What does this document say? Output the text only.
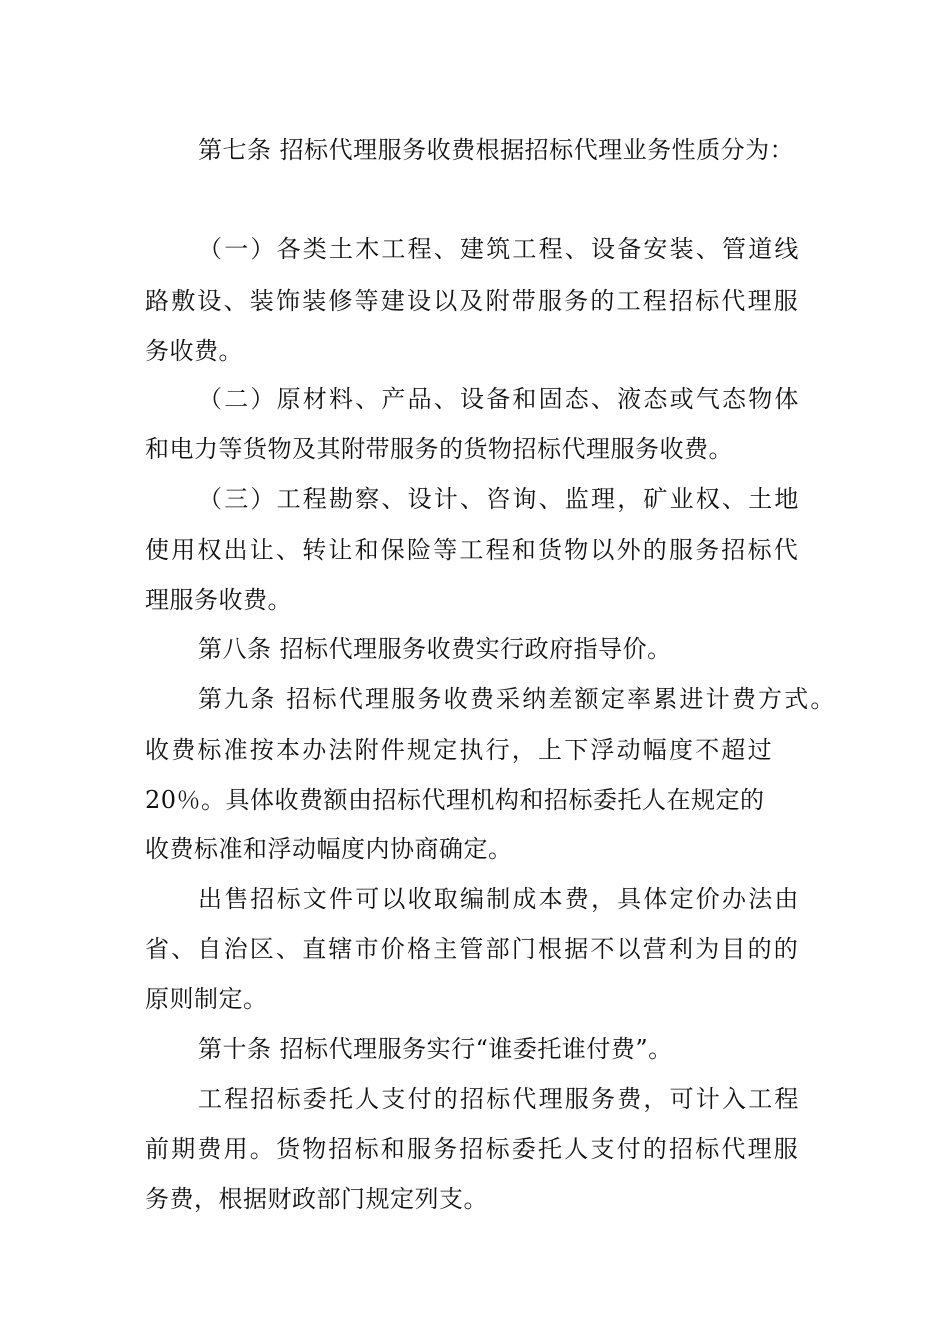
第七条 招标代理服务收费根据招标代理业务性质分为：
（一）各类土木工程、建筑工程、设备安装、管道线
路敷设、装饰装修等建设以及附带服务的工程招标代理服
务收费。
（二）原材料、产品、设备和固态、液态或气态物体
和电力等货物及其附带服务的货物招标代理服务收费。
（三）工程勘察、设计、咨询、监理，矿业权、土地
使用权出让、转让和保险等工程和货物以外的服务招标代
理服务收费。
第八条 招标代理服务收费实行政府指导价。
第九条 招标代理服务收费采纳差额定率累进计费方式。
收费标准按本办法附件规定执行，上下浮动幅度不超过
20％。具体收费额由招标代理机构和招标委托人在规定的
收费标准和浮动幅度内协商确定。
出售招标文件可以收取编制成本费，具体定价办法由
省、自治区、直辖市价格主管部门根据不以营利为目的的
原则制定。
第十条 招标代理服务实行“谁委托谁付费”。
工程招标委托人支付的招标代理服务费，可计入工程
前期费用。货物招标和服务招标委托人支付的招标代理服
务费，根据财政部门规定列支。
